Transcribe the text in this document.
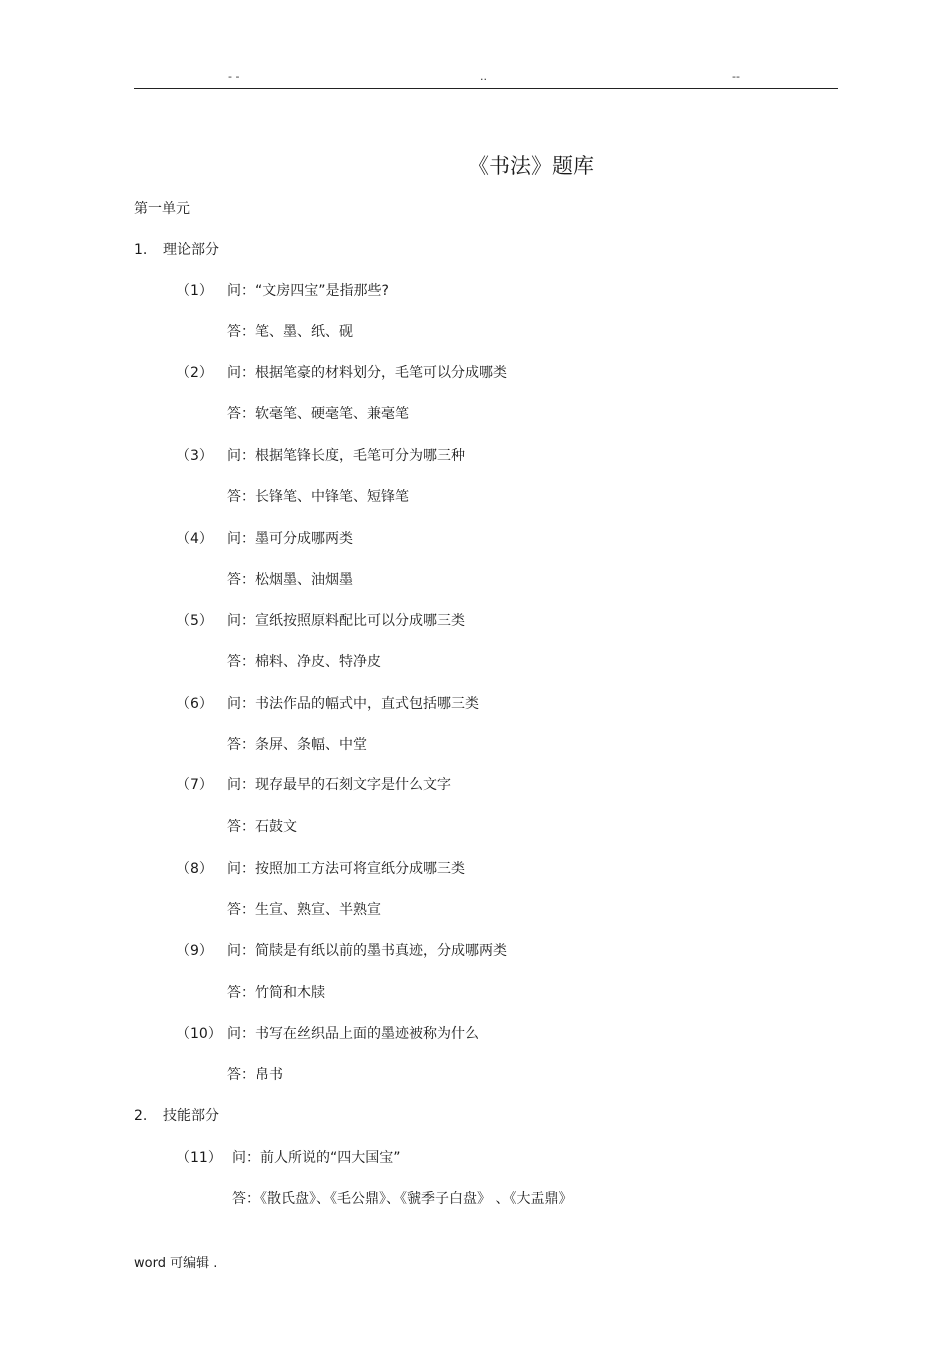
- -	..	--
《书法》题库
第一单元
1. 理论部分
（1） 问：“文房四宝”是指那些?
答：笔、墨、纸、砚
（2） 问：根据笔豪的材料划分，毛笔可以分成哪类
答：软毫笔、硬毫笔、兼毫笔
（3） 问：根据笔锋长度，毛笔可分为哪三种
答：长锋笔、中锋笔、短锋笔
（4） 问：墨可分成哪两类
答：松烟墨、油烟墨
（5） 问：宣纸按照原料配比可以分成哪三类
答：棉料、净皮、特净皮
（6） 问：书法作品的幅式中，直式包括哪三类
答：条屏、条幅、中堂
（7） 问：现存最早的石刻文字是什么文字
答：石鼓文
（8） 问：按照加工方法可将宣纸分成哪三类
答：生宣、熟宣、半熟宣
（9） 问：简牍是有纸以前的墨书真迹，分成哪两类
答：竹简和木牍
（10） 问：书写在丝织品上面的墨迹被称为什么
答：帛书
2. 技能部分
（11） 问：前人所说的“四大国宝”
答：《散氏盘》、《毛公鼎》、《虢季子白盘》 、《大盂鼎》
word 可编辑 .
